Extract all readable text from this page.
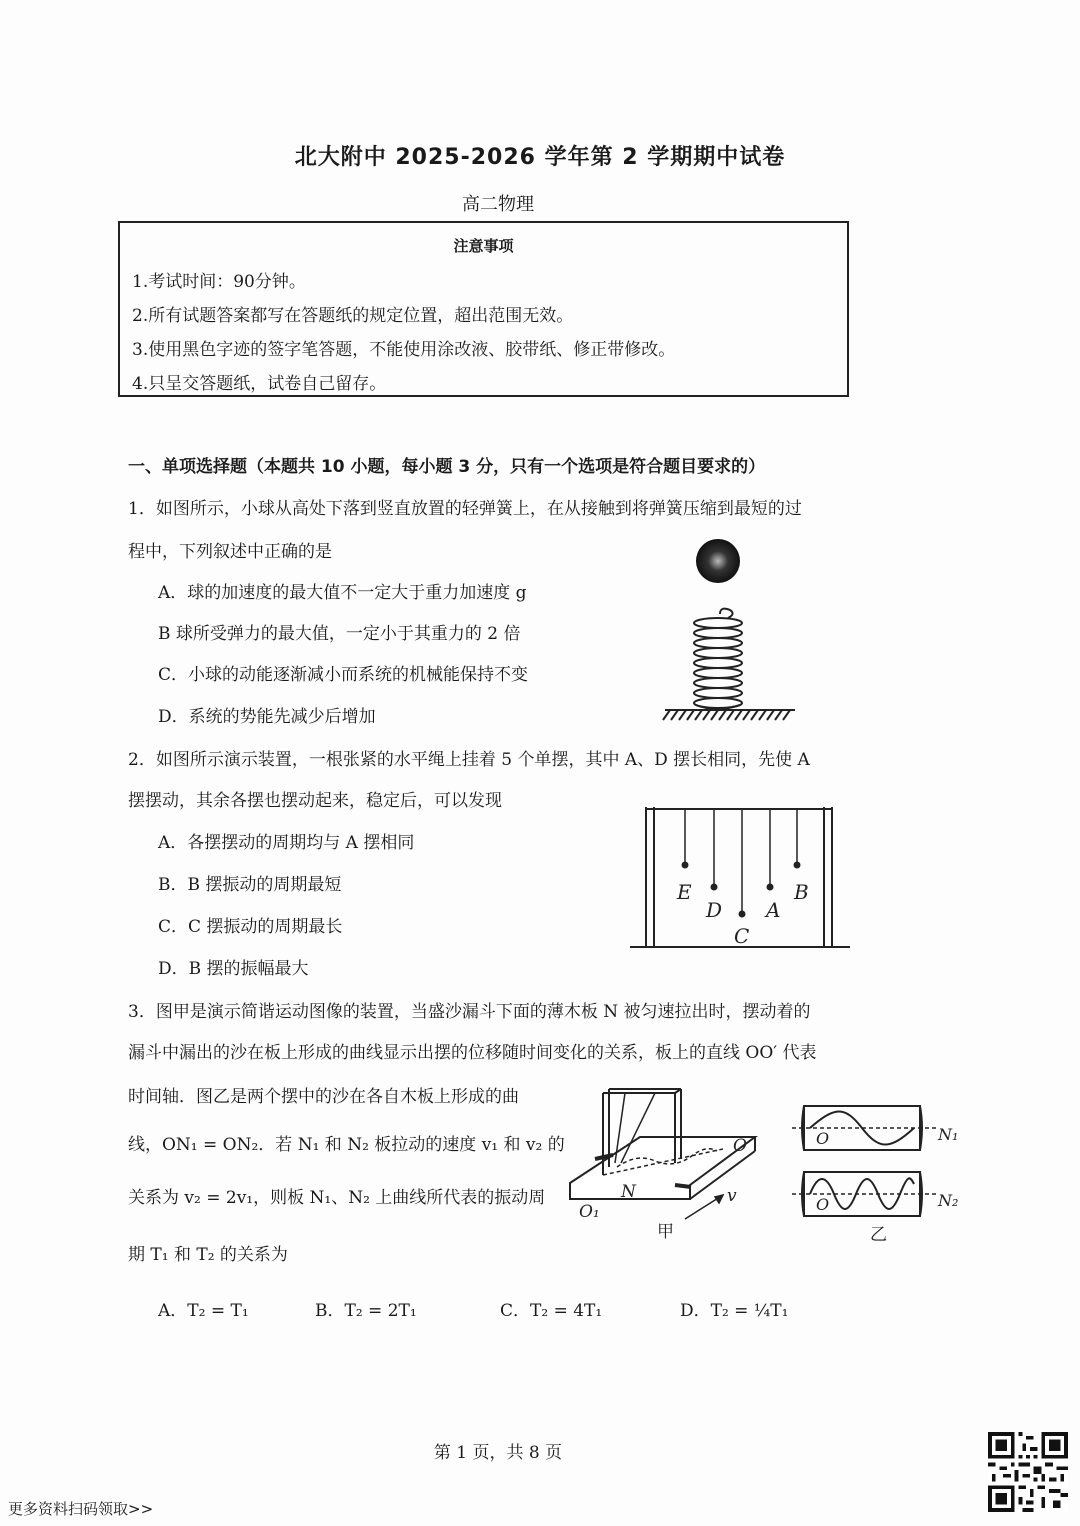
北大附中 2025-2026 学年第 2 学期期中试卷
高二物理
注意事项
1.考试时间：90分钟。
2.所有试题答案都写在答题纸的规定位置，超出范围无效。
3.使用黑色字迹的签字笔答题，不能使用涂改液、胶带纸、修正带修改。
4.只呈交答题纸，试卷自己留存。
一、单项选择题（本题共 10 小题，每小题 3 分，只有一个选项是符合题目要求的）
1．如图所示，小球从高处下落到竖直放置的轻弹簧上，在从接触到将弹簧压缩到最短的过
程中，下列叙述中正确的是
A．球的加速度的最大值不一定大于重力加速度 g
B 球所受弹力的最大值，一定小于其重力的 2 倍
C．小球的动能逐渐减小而系统的机械能保持不变
D．系统的势能先减少后增加
2．如图所示演示装置，一根张紧的水平绳上挂着 5 个单摆，其中 A、D 摆长相同，先使 A
摆摆动，其余各摆也摆动起来，稳定后，可以发现
A．各摆摆动的周期均与 A 摆相同
B．B 摆振动的周期最短
C．C 摆振动的周期最长
D．B 摆的振幅最大
E
D
C
A
B
3．图甲是演示简谐运动图像的装置，当盛沙漏斗下面的薄木板 N 被匀速拉出时，摆动着的
漏斗中漏出的沙在板上形成的曲线显示出摆的位移随时间变化的关系，板上的直线 OO′ 代表
时间轴．图乙是两个摆中的沙在各自木板上形成的曲
线，ON₁ = ON₂．若 N₁ 和 N₂ 板拉动的速度 v₁ 和 v₂ 的
关系为 v₂ = 2v₁，则板 N₁、N₂ 上曲线所代表的振动周
期 T₁ 和 T₂ 的关系为
O
O₁
N	v
甲
O	N₁
O	N₂
乙
A．T₂ = T₁	B．T₂ = 2T₁	C．T₂ = 4T₁	D．T₂ = ¼T₁
第 1 页，共 8 页
更多资料扫码领取>>
